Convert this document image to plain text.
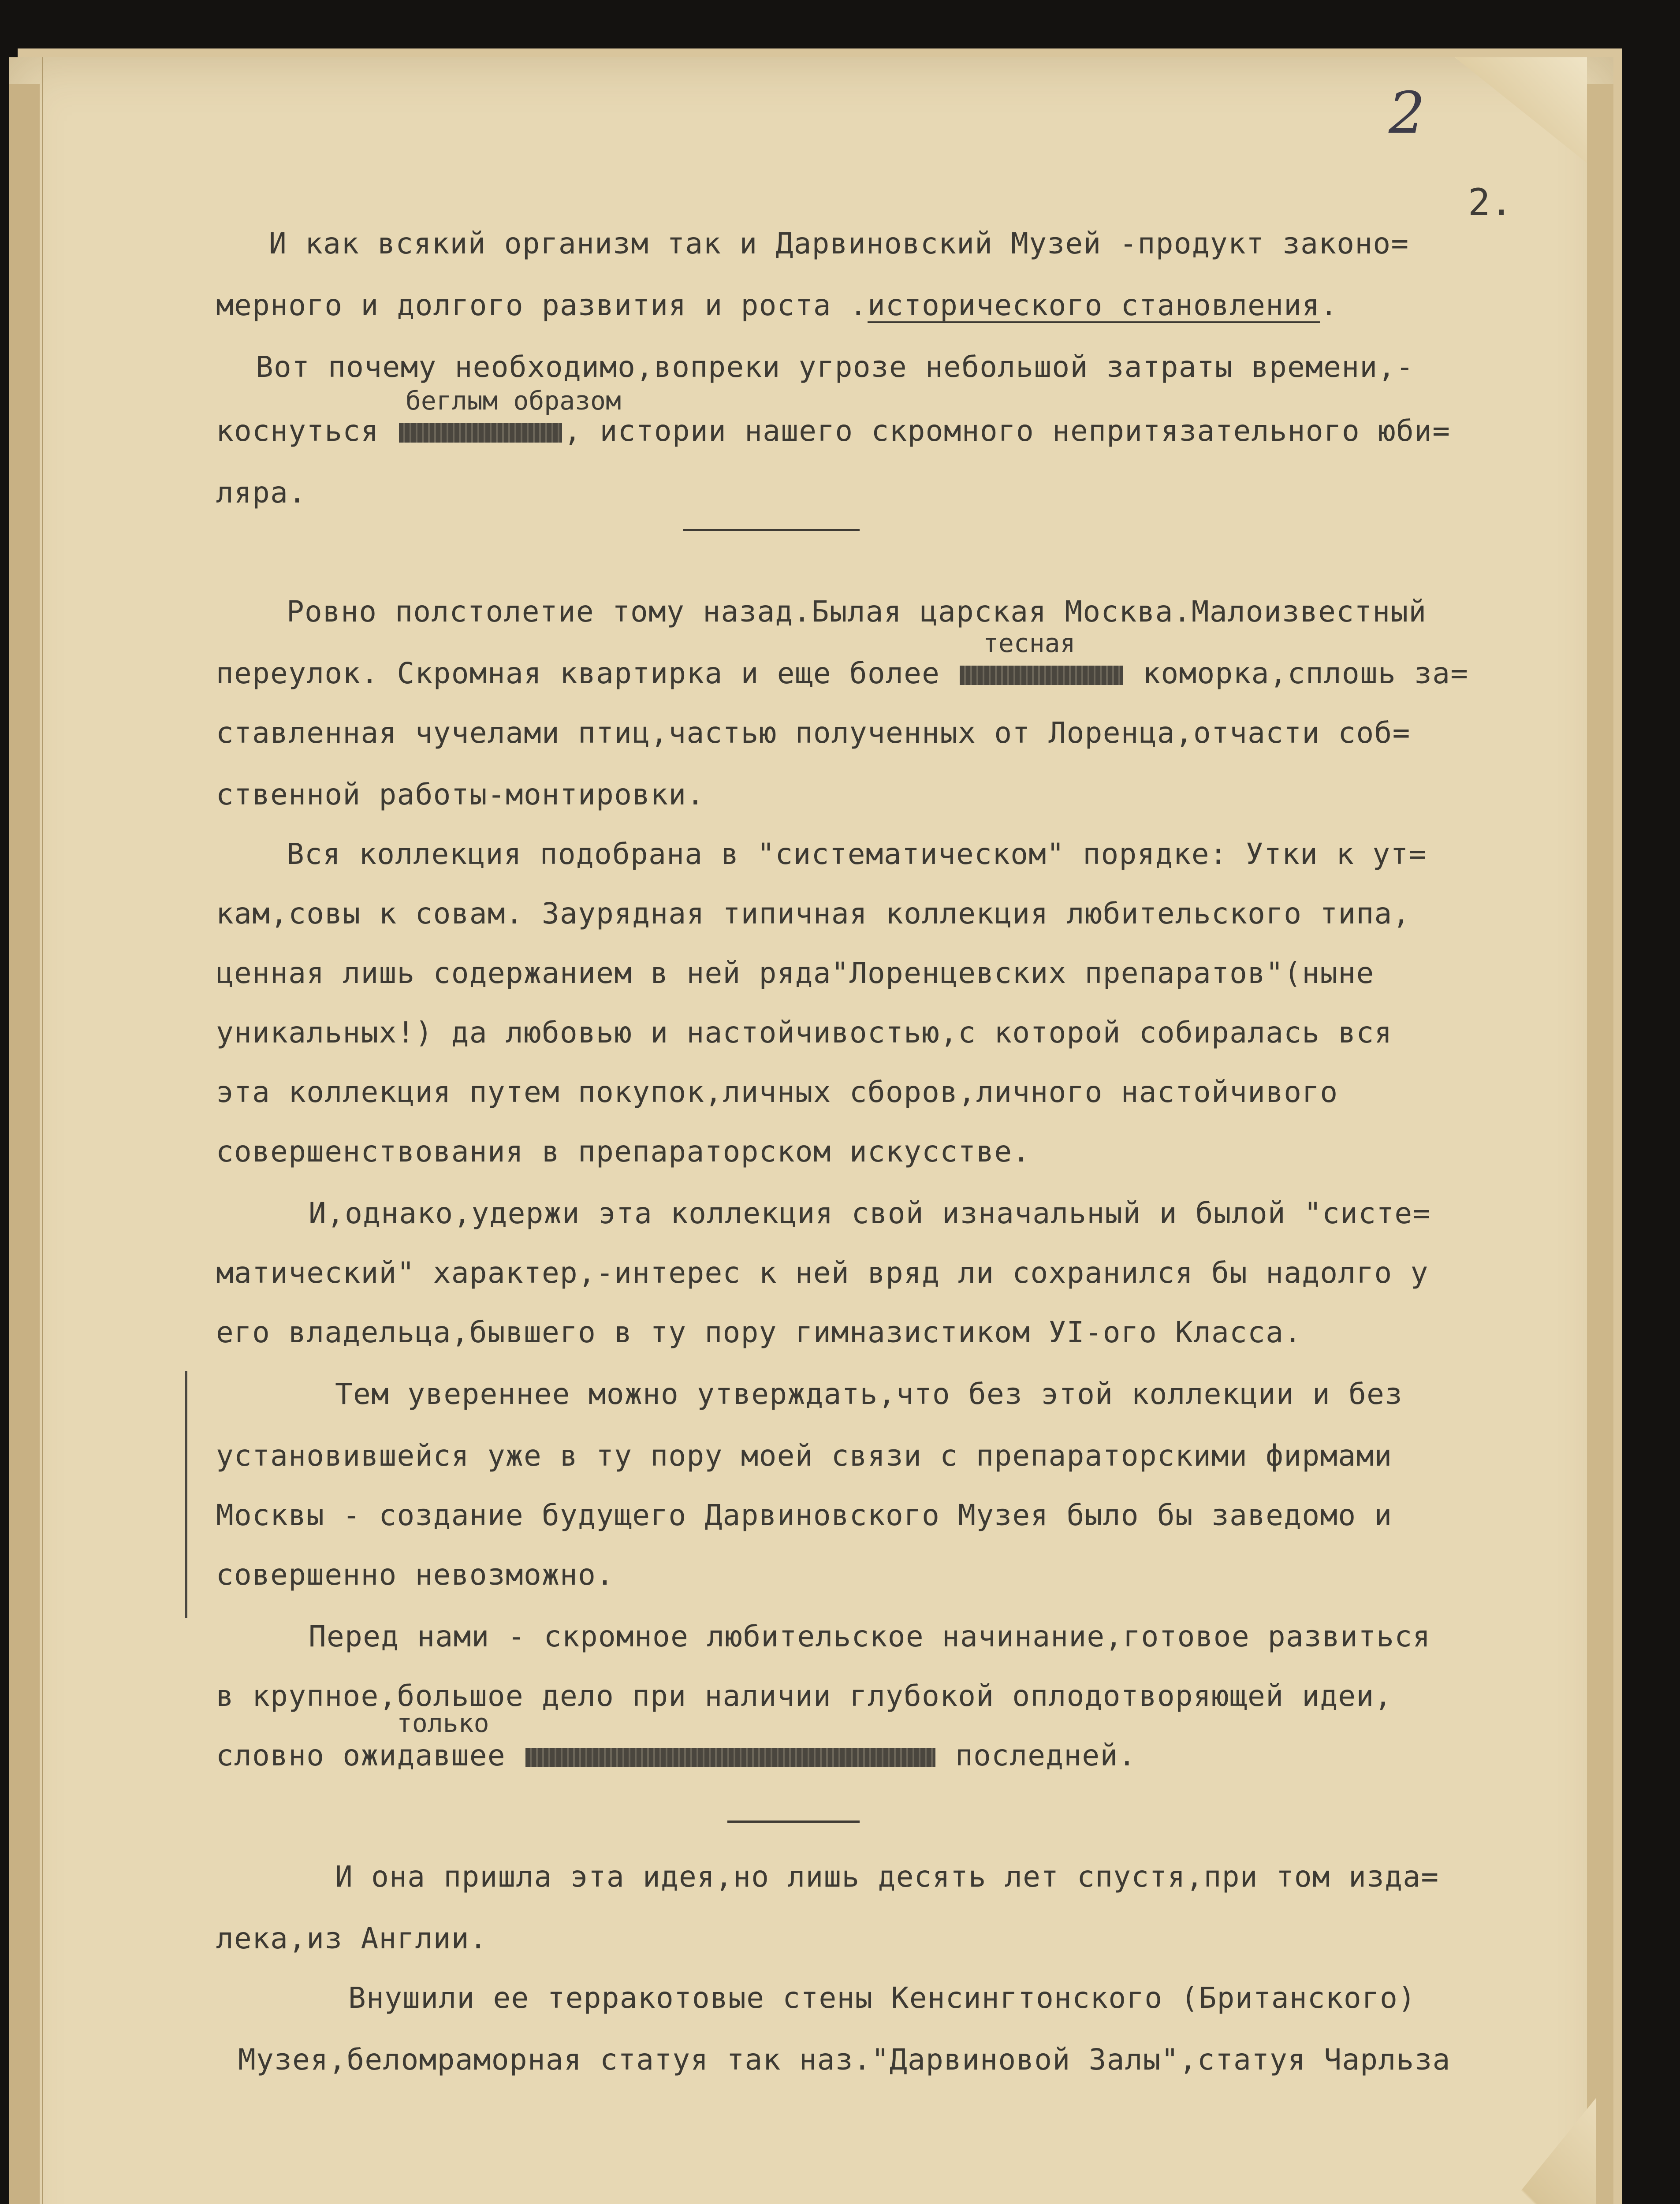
2
2.

И как всякий организм так и Дарвиновский Музей -продукт законо=

мерного и долгого развития и роста .исторического становления.

Вот почему необходимо,вопреки угрозе небольшой затраты времени,-

беглым образом

коснуться	, истории нашего скромного непритязательного юби=

ляра.

Ровно полстолетие тому назад.Былая царская Москва.Малоизвестный

тесная

переулок. Скромная квартирка и еще более	коморка,сплошь за=

ставленная чучелами птиц,частью полученных от Лоренца,отчасти соб=

ственной работы-монтировки.

Вся коллекция подобрана в "систематическом" порядке: Утки к ут=

кам,совы к совам. Заурядная типичная коллекция любительского типа,

ценная лишь содержанием в ней ряда"Лоренцевских препаратов"(ныне

уникальных!) да любовью и настойчивостью,с которой собиралась вся

эта коллекция путем покупок,личных сборов,личного настойчивого

совершенствования в препараторском искусстве.

И,однако,удержи эта коллекция свой изначальный и былой "систе=

матический" характер,-интерес к ней вряд ли сохранился бы надолго у

его владельца,бывшего в ту пору гимназистиком УI-ого Класса.

Тем увереннее можно утверждать,что без этой коллекции и без

установившейся уже в ту пору моей связи с препараторскими фирмами

Москвы - создание будущего Дарвиновского Музея было бы заведомо и

совершенно невозможно.

Перед нами - скромное любительское начинание,готовое развиться

в крупное,большое дело при наличии глубокой оплодотворяющей идеи,

только

словно ожидавшее	последней.

И она пришла эта идея,но лишь десять лет спустя,при том изда=

лека,из Англии.

Внушили ее терракотовые стены Кенсингтонского (Британского)

Музея,беломраморная статуя так наз."Дарвиновой Залы",статуя Чарльза
